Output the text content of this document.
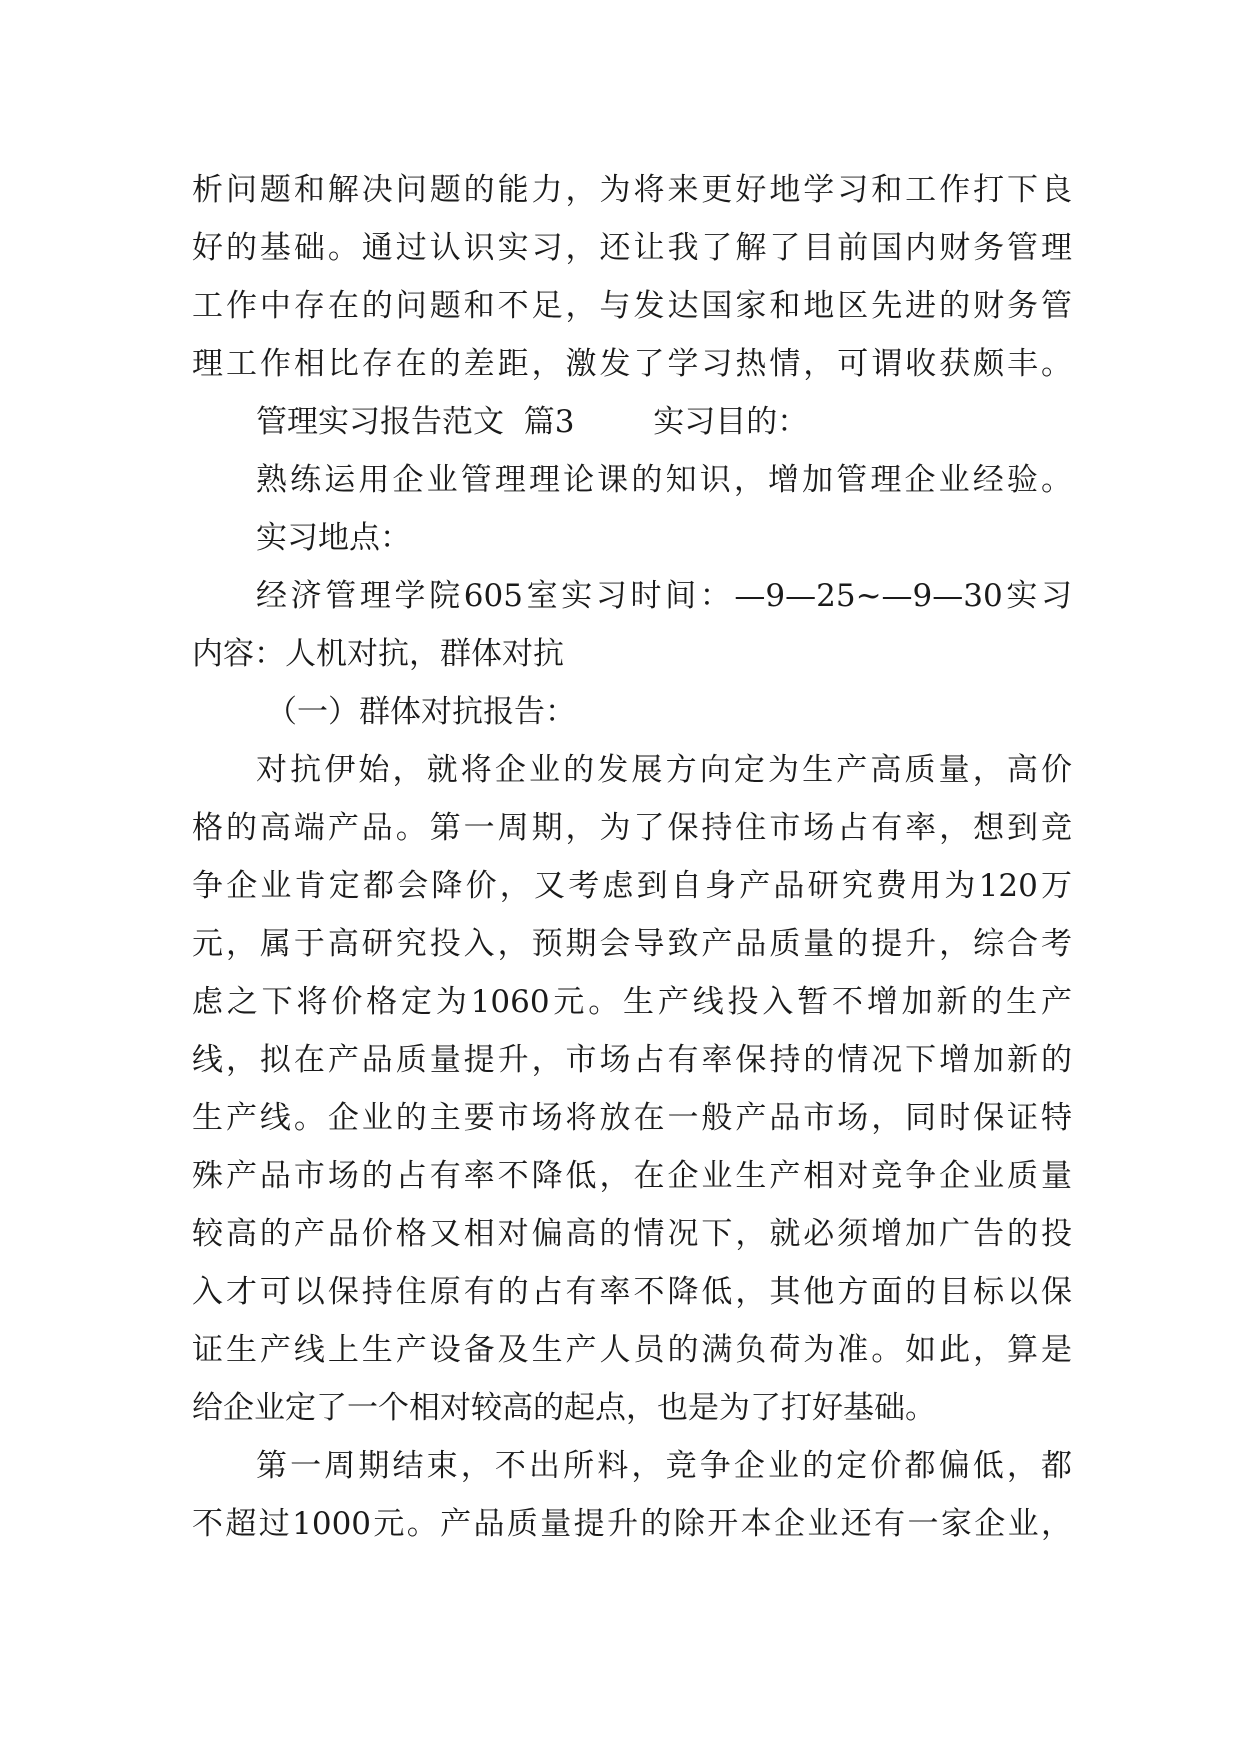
析问题和解决问题的能力，为将来更好地学习和工作打下良
好的基础。通过认识实习，还让我了解了目前国内财务管理
工作中存在的问题和不足，与发达国家和地区先进的财务管
理工作相比存在的差距，激发了学习热情，可谓收获颇丰。
管理实习报告范文  篇3        实习目的：
熟练运用企业管理理论课的知识，增加管理企业经验。
实习地点：
经济管理学院605室实习时间：—9—25~—9—30实习
内容：人机对抗，群体对抗
（一）群体对抗报告：
对抗伊始，就将企业的发展方向定为生产高质量，高价
格的高端产品。第一周期，为了保持住市场占有率，想到竞
争企业肯定都会降价，又考虑到自身产品研究费用为120万
元，属于高研究投入，预期会导致产品质量的提升，综合考
虑之下将价格定为1060元。生产线投入暂不增加新的生产
线，拟在产品质量提升，市场占有率保持的情况下增加新的
生产线。企业的主要市场将放在一般产品市场，同时保证特
殊产品市场的占有率不降低，在企业生产相对竞争企业质量
较高的产品价格又相对偏高的情况下，就必须增加广告的投
入才可以保持住原有的占有率不降低，其他方面的目标以保
证生产线上生产设备及生产人员的满负荷为准。如此，算是
给企业定了一个相对较高的起点，也是为了打好基础。
第一周期结束，不出所料，竞争企业的定价都偏低，都
不超过1000元。产品质量提升的除开本企业还有一家企业，
